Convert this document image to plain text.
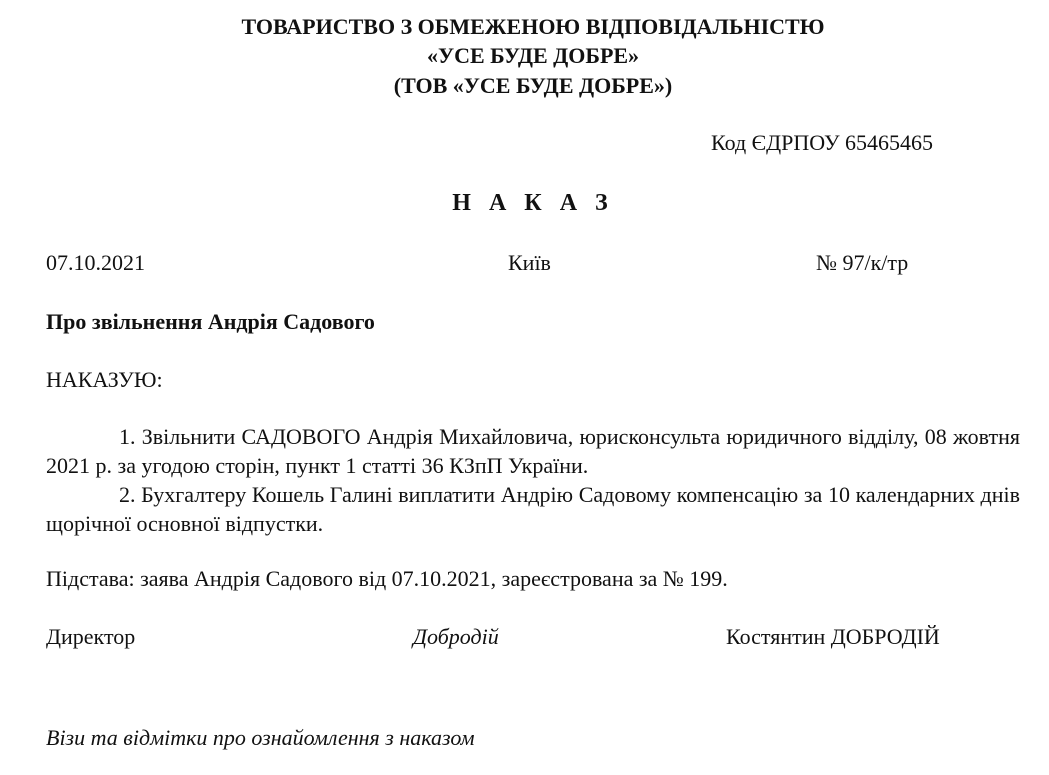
ТОВАРИСТВО З ОБМЕЖЕНОЮ ВІДПОВІДАЛЬНІСТЮ
«УСЕ БУДЕ ДОБРЕ»
(ТОВ «УСЕ БУДЕ ДОБРЕ»)
Код ЄДРПОУ 65465465
Н А К А З
07.10.2021	Київ	№ 97/к/тр
Про звільнення Андрія Садового
НАКАЗУЮ:
1. Звільнити САДОВОГО Андрія Михайловича, юрисконсульта юридичного відділу, 08 жовтня 2021 р. за угодою сторін, пункт 1 статті 36 КЗпП України.
2. Бухгалтеру Кошель Галині виплатити Андрію Садовому компенсацію за 10 календарних днів щорічної основної відпустки.
Підстава: заява Андрія Садового від 07.10.2021, зареєстрована за № 199.
Директор	Добродій	Костянтин ДОБРОДІЙ
Візи та відмітки про ознайомлення з наказом
